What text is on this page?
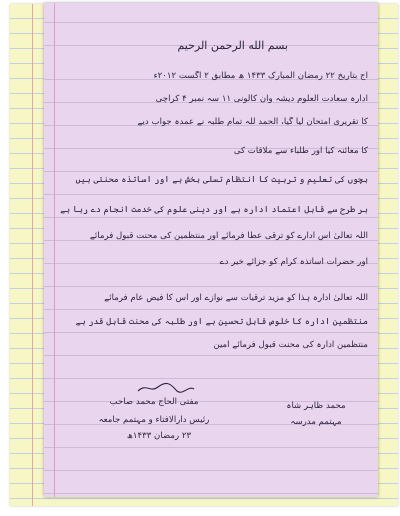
بسم الله الرحمن الرحیم
آج بتاریخ ۲۲ رمضان المبارک ۱۴۳۳ ھ مطابق ۲ اگست ۲۰۱۲ء
ادارہ سعادت العلوم دیشہ وان کالونی ۱۱ سہ نمبر ۴ کراچی
کا تقریری امتحان لیا گیا، الحمد للہ تمام طلبہ نے عمدہ جواب دیے
کا معائنہ کیا اور طلباء سے ملاقات کی
بچوں کی تعلیم و تربیت کا انتظام تسلی بخش ہے اور اساتذہ محنتی ہیں
ہر طرح سے قابل اعتماد ادارہ ہے اور دینی علوم کی خدمت انجام دے رہا ہے
اللہ تعالیٰ اس ادارے کو ترقی عطا فرمائے اور منتظمین کی محنت قبول فرمائے
اور حضرات اساتذہ کرام کو جزائے خیر دے
اللہ تعالیٰ ادارہ ہذا کو مزید ترقیات سے نوازے اور اس کا فیض عام فرمائے
منتظمین ادارہ کا خلوص قابل تحسین ہے اور طلبہ کی محنت قابل قدر ہے
منتظمین ادارہ کی محنت قبول فرمائے آمین
مفتی الحاج محمد صاحب
رئیس دارالافتاء و مہتمم جامعہ
۲۳ رمضان ۱۴۳۳ھ
محمد ظاہر شاہ
مہتمم مدرسہ
